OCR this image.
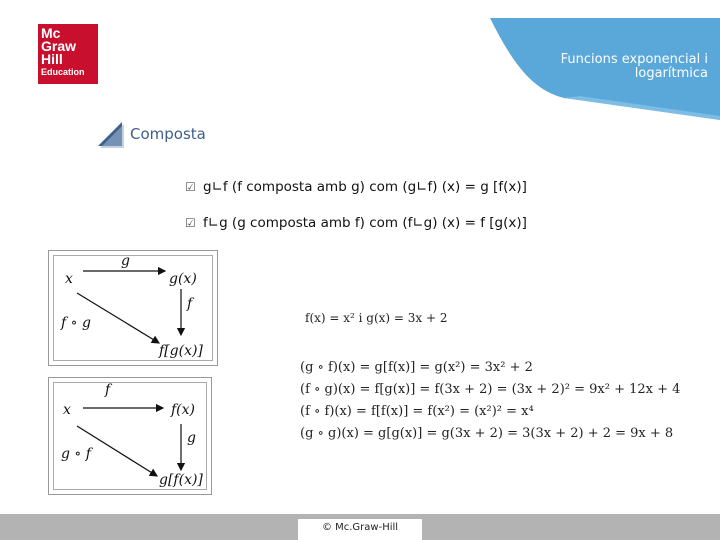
Mc
Graw
Hill
Education
Funcions exponencial i logarítmica
Composta
☑ g∟f (f composta amb g) com (g∟f) (x) = g [f(x)]
☑ f∟g (g composta amb f) com (f∟g) (x) = f [g(x)]
g
x	g(x)
f
f ∘ g
f[g(x)]
f
x	f(x)
g
g ∘ f
g[f(x)]
f(x) = x² i g(x) = 3x + 2
(g ∘ f)(x) = g[f(x)] = g(x²) = 3x² + 2
(f ∘ g)(x) = f[g(x)] = f(3x + 2) = (3x + 2)² = 9x² + 12x + 4
(f ∘ f)(x) = f[f(x)] = f(x²) = (x²)² = x⁴
(g ∘ g)(x) = g[g(x)] = g(3x + 2) = 3(3x + 2) + 2 = 9x + 8
© Mc.Graw-Hill
